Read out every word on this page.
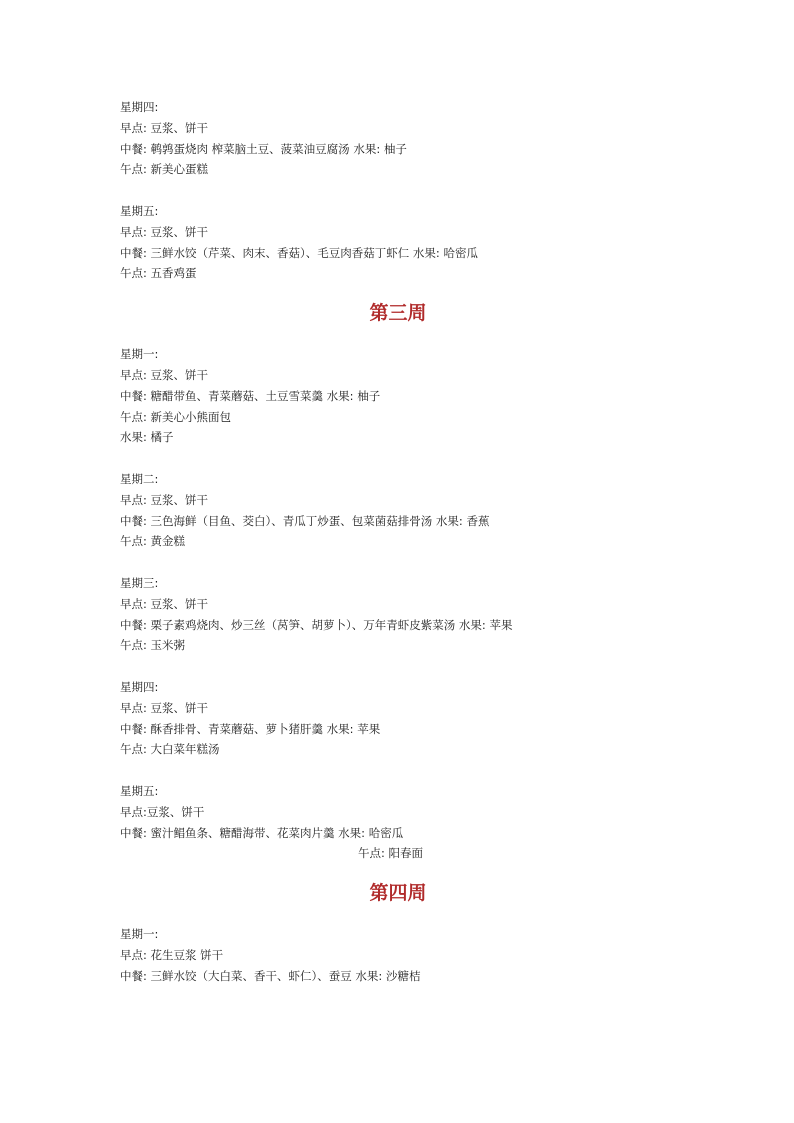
星期四:
早点: 豆浆、饼干
中餐: 鹌鹑蛋烧肉 榨菜脑土豆、菠菜油豆腐汤 水果: 柚子
午点: 新美心蛋糕
星期五:
早点: 豆浆、饼干
中餐: 三鲜水饺（芹菜、肉末、香菇）、毛豆肉香菇丁虾仁 水果: 哈密瓜
午点: 五香鸡蛋
第三周
星期一:
早点: 豆浆、饼干
中餐: 糖醋带鱼、青菜蘑菇、土豆雪菜羹 水果: 柚子
午点: 新美心小熊面包
水果: 橘子
星期二:
早点: 豆浆、饼干
中餐: 三色海鲜（目鱼、茭白）、青瓜丁炒蛋、包菜菌菇排骨汤 水果: 香蕉
午点: 黄金糕
星期三:
早点: 豆浆、饼干
中餐: 栗子素鸡烧肉、炒三丝（莴笋、胡萝卜）、万年青虾皮紫菜汤 水果: 苹果
午点: 玉米粥
星期四:
早点: 豆浆、饼干
中餐: 酥香排骨、青菜蘑菇、萝卜猪肝羹 水果: 苹果
午点: 大白菜年糕汤
星期五:
早点:豆浆、饼干
中餐: 蜜汁鲳鱼条、糖醋海带、花菜肉片羹 水果: 哈密瓜
午点: 阳春面
第四周
星期一:
早点: 花生豆浆 饼干
中餐: 三鲜水饺（大白菜、香干、虾仁）、蚕豆 水果: 沙糖桔
